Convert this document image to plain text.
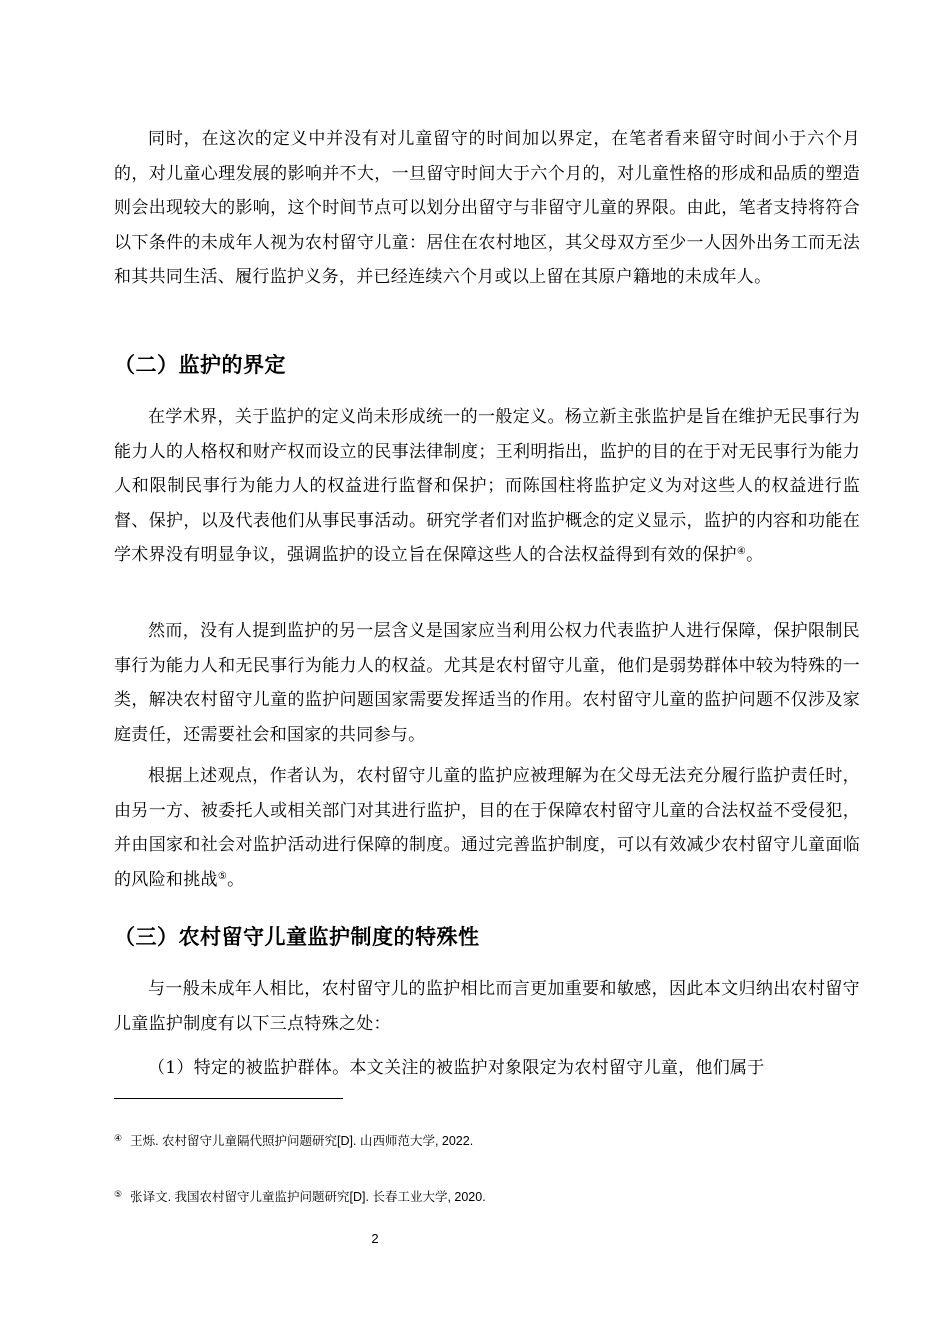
同时，在这次的定义中并没有对儿童留守的时间加以界定，在笔者看来留守时间小于六个月的，对儿童心理发展的影响并不大，一旦留守时间大于六个月的，对儿童性格的形成和品质的塑造则会出现较大的影响，这个时间节点可以划分出留守与非留守儿童的界限。由此，笔者支持将符合以下条件的未成年人视为农村留守儿童：居住在农村地区，其父母双方至少一人因外出务工而无法和其共同生活、履行监护义务，并已经连续六个月或以上留在其原户籍地的未成年人。

（二）监护的界定

在学术界，关于监护的定义尚未形成统一的一般定义。杨立新主张监护是旨在维护无民事行为能力人的人格权和财产权而设立的民事法律制度；王利明指出，监护的目的在于对无民事行为能力人和限制民事行为能力人的权益进行监督和保护；而陈国柱将监护定义为对这些人的权益进行监督、保护，以及代表他们从事民事活动。研究学者们对监护概念的定义显示，监护的内容和功能在学术界没有明显争议，强调监护的设立旨在保障这些人的合法权益得到有效的保护④。

然而，没有人提到监护的另一层含义是国家应当利用公权力代表监护人进行保障，保护限制民事行为能力人和无民事行为能力人的权益。尤其是农村留守儿童，他们是弱势群体中较为特殊的一类，解决农村留守儿童的监护问题国家需要发挥适当的作用。农村留守儿童的监护问题不仅涉及家庭责任，还需要社会和国家的共同参与。

根据上述观点，作者认为，农村留守儿童的监护应被理解为在父母无法充分履行监护责任时，由另一方、被委托人或相关部门对其进行监护，目的在于保障农村留守儿童的合法权益不受侵犯，并由国家和社会对监护活动进行保障的制度。通过完善监护制度，可以有效减少农村留守儿童面临的风险和挑战⑤。

（三）农村留守儿童监护制度的特殊性

与一般未成年人相比，农村留守儿的监护相比而言更加重要和敏感，因此本文归纳出农村留守儿童监护制度有以下三点特殊之处：

（1）特定的被监护群体。本文关注的被监护对象限定为农村留守儿童，他们属于

④ 王烁. 农村留守儿童隔代照护问题研究[D]. 山西师范大学, 2022.

⑤ 张译文. 我国农村留守儿童监护问题研究[D]. 长春工业大学, 2020.

2
